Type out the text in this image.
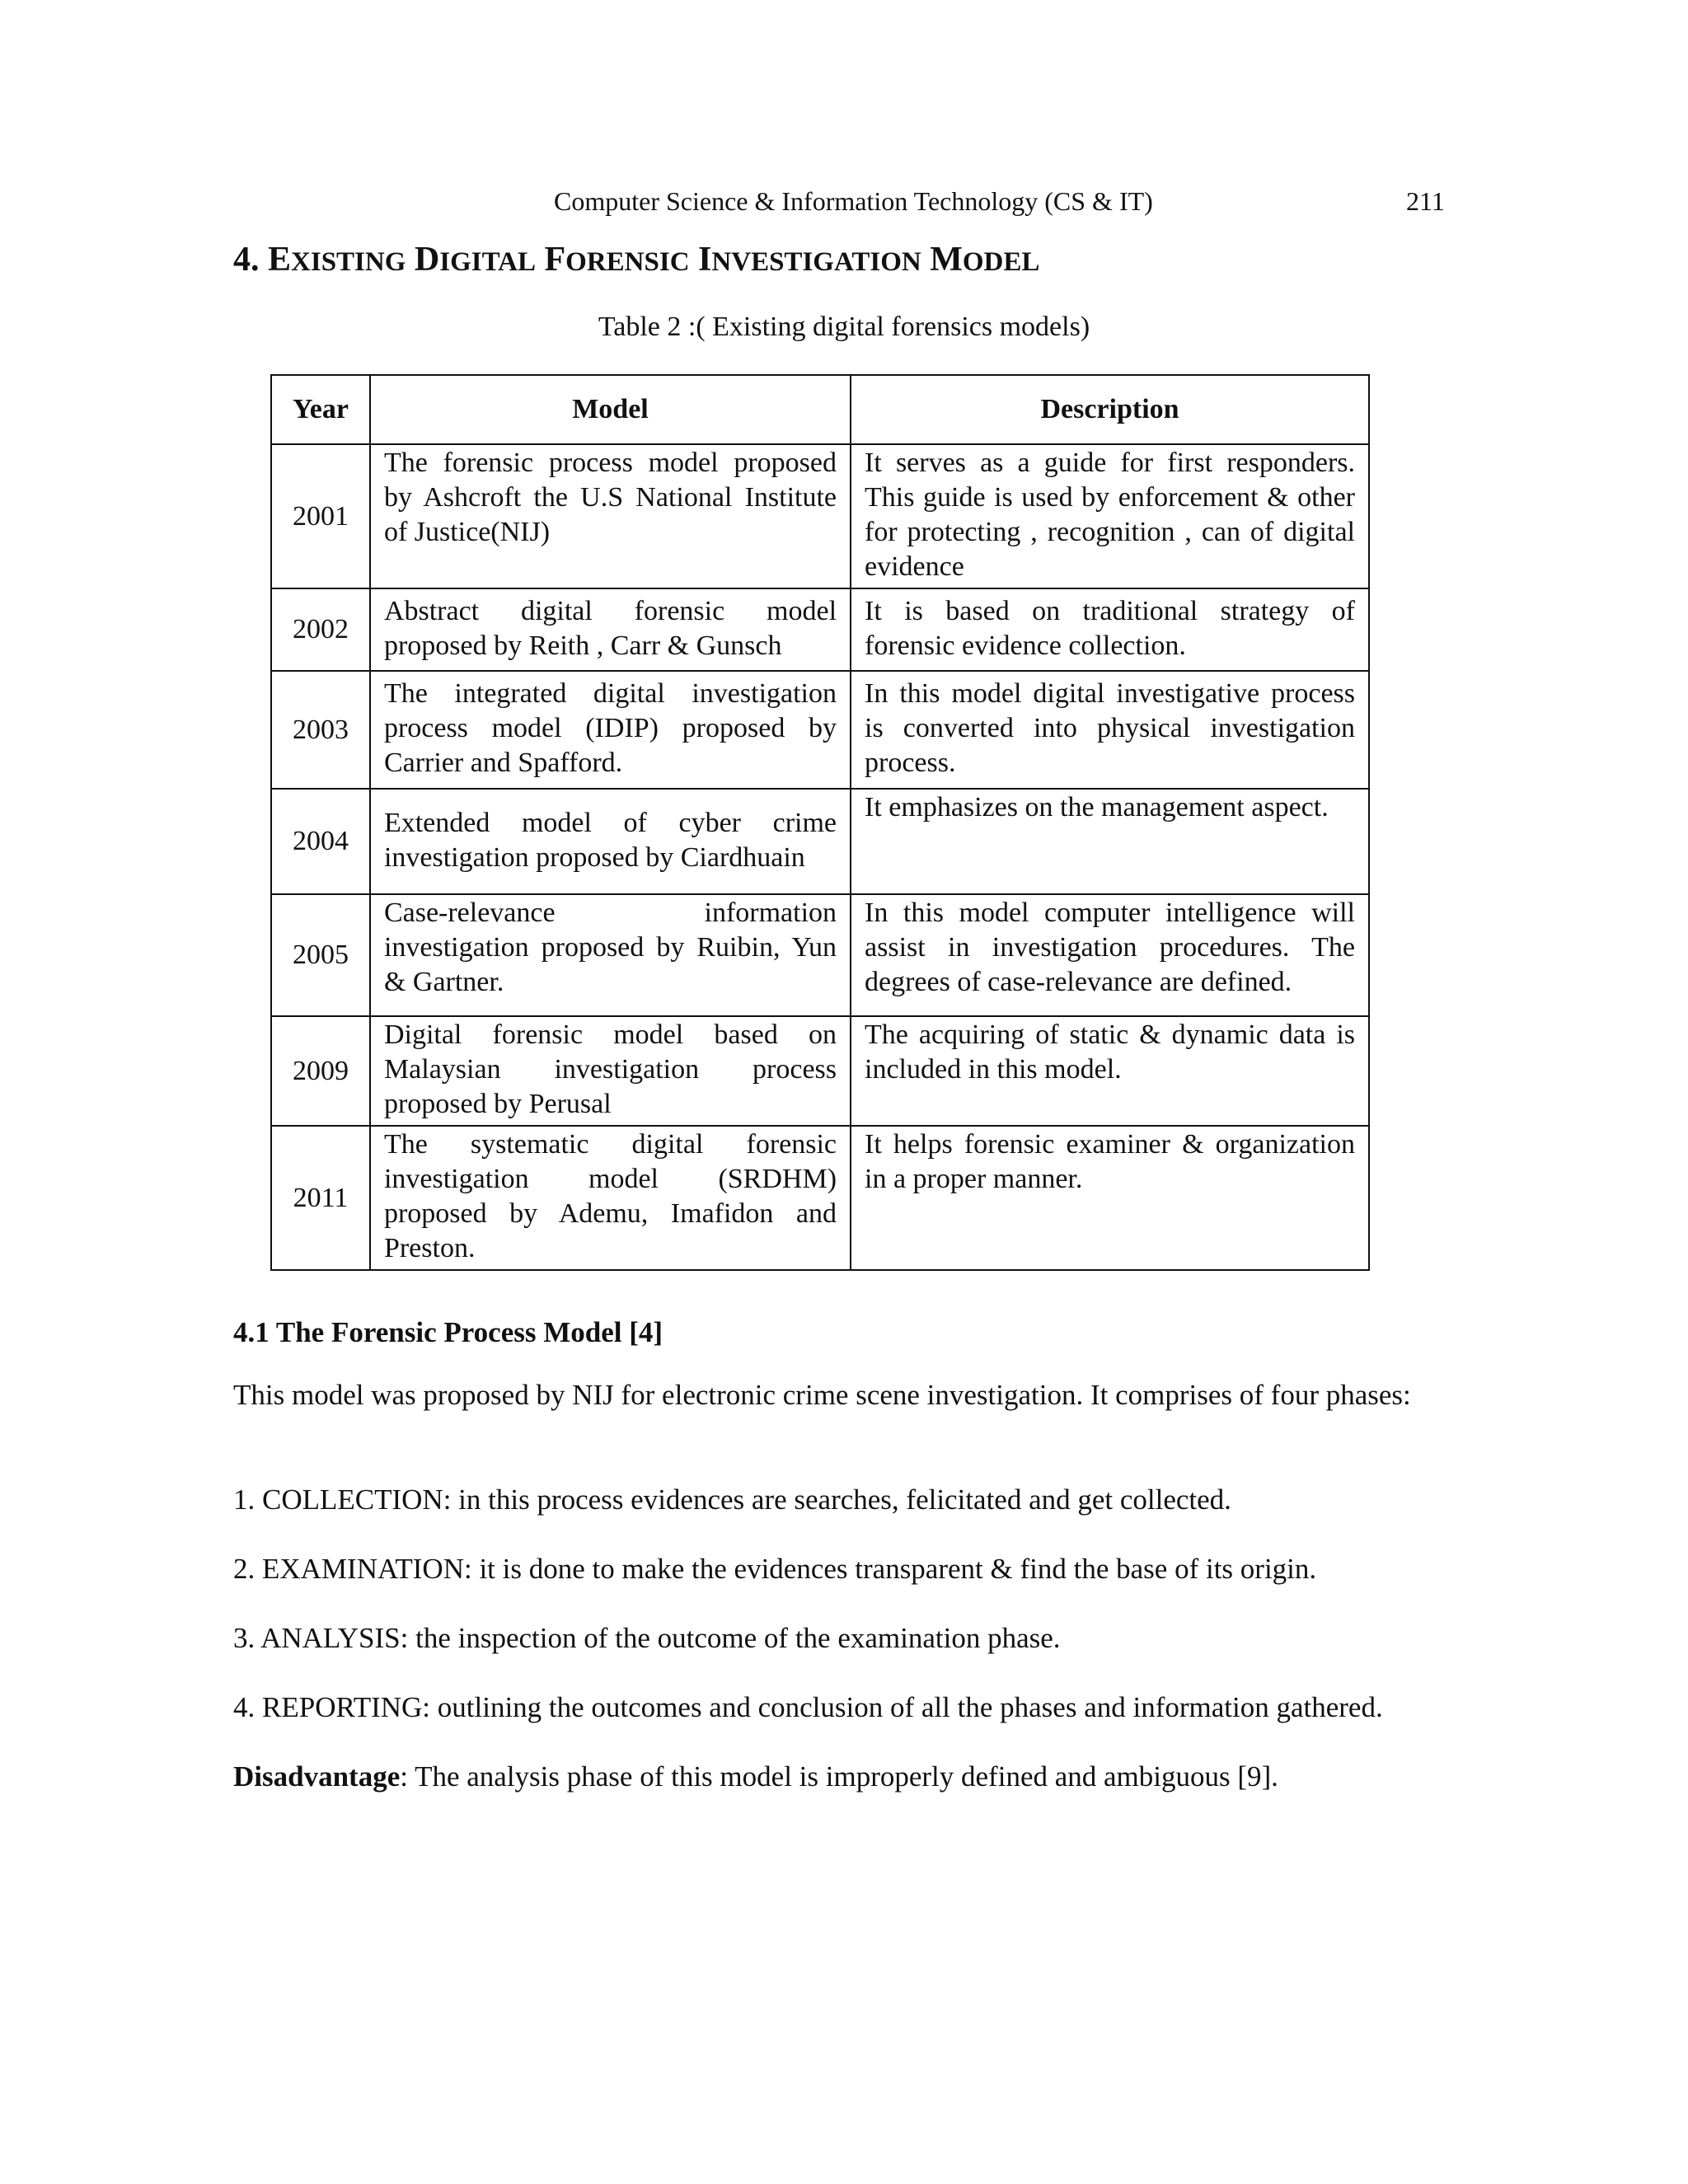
Computer Science & Information Technology (CS & IT)	211
4. EXISTING DIGITAL FORENSIC INVESTIGATION MODEL
Table 2 :( Existing digital forensics models)
Year	Model	Description
2001	The forensic process model proposed by Ashcroft the U.S National Institute of Justice(NIJ)	It serves as a guide for first responders. This guide is used by enforcement & other for protecting , recognition , can of digital evidence
2002	Abstract digital forensic model proposed by Reith , Carr & Gunsch	It is based on traditional strategy of forensic evidence collection.
2003	The integrated digital investigation process model (IDIP) proposed by Carrier and Spafford.	In this model digital investigative process is converted into physical investigation process.
2004	Extended model of cyber crime investigation proposed by Ciardhuain	It emphasizes on the management aspect.
2005	Case-relevance information investigation proposed by Ruibin, Yun & Gartner.	In this model computer intelligence will assist in investigation procedures. The degrees of case-relevance are defined.
2009	Digital forensic model based on Malaysian investigation process proposed by Perusal	The acquiring of static & dynamic data is included in this model.
2011	The systematic digital forensic investigation model (SRDHM) proposed by Ademu, Imafidon and Preston.	It helps forensic examiner & organization in a proper manner.
4.1 The Forensic Process Model [4]
This model was proposed by NIJ for electronic crime scene investigation. It comprises of four phases:
1. COLLECTION: in this process evidences are searches, felicitated and get collected.
2. EXAMINATION: it is done to make the evidences transparent & find the base of its origin.
3. ANALYSIS: the inspection of the outcome of the examination phase.
4. REPORTING: outlining the outcomes and conclusion of all the phases and information gathered.
Disadvantage: The analysis phase of this model is improperly defined and ambiguous [9].
